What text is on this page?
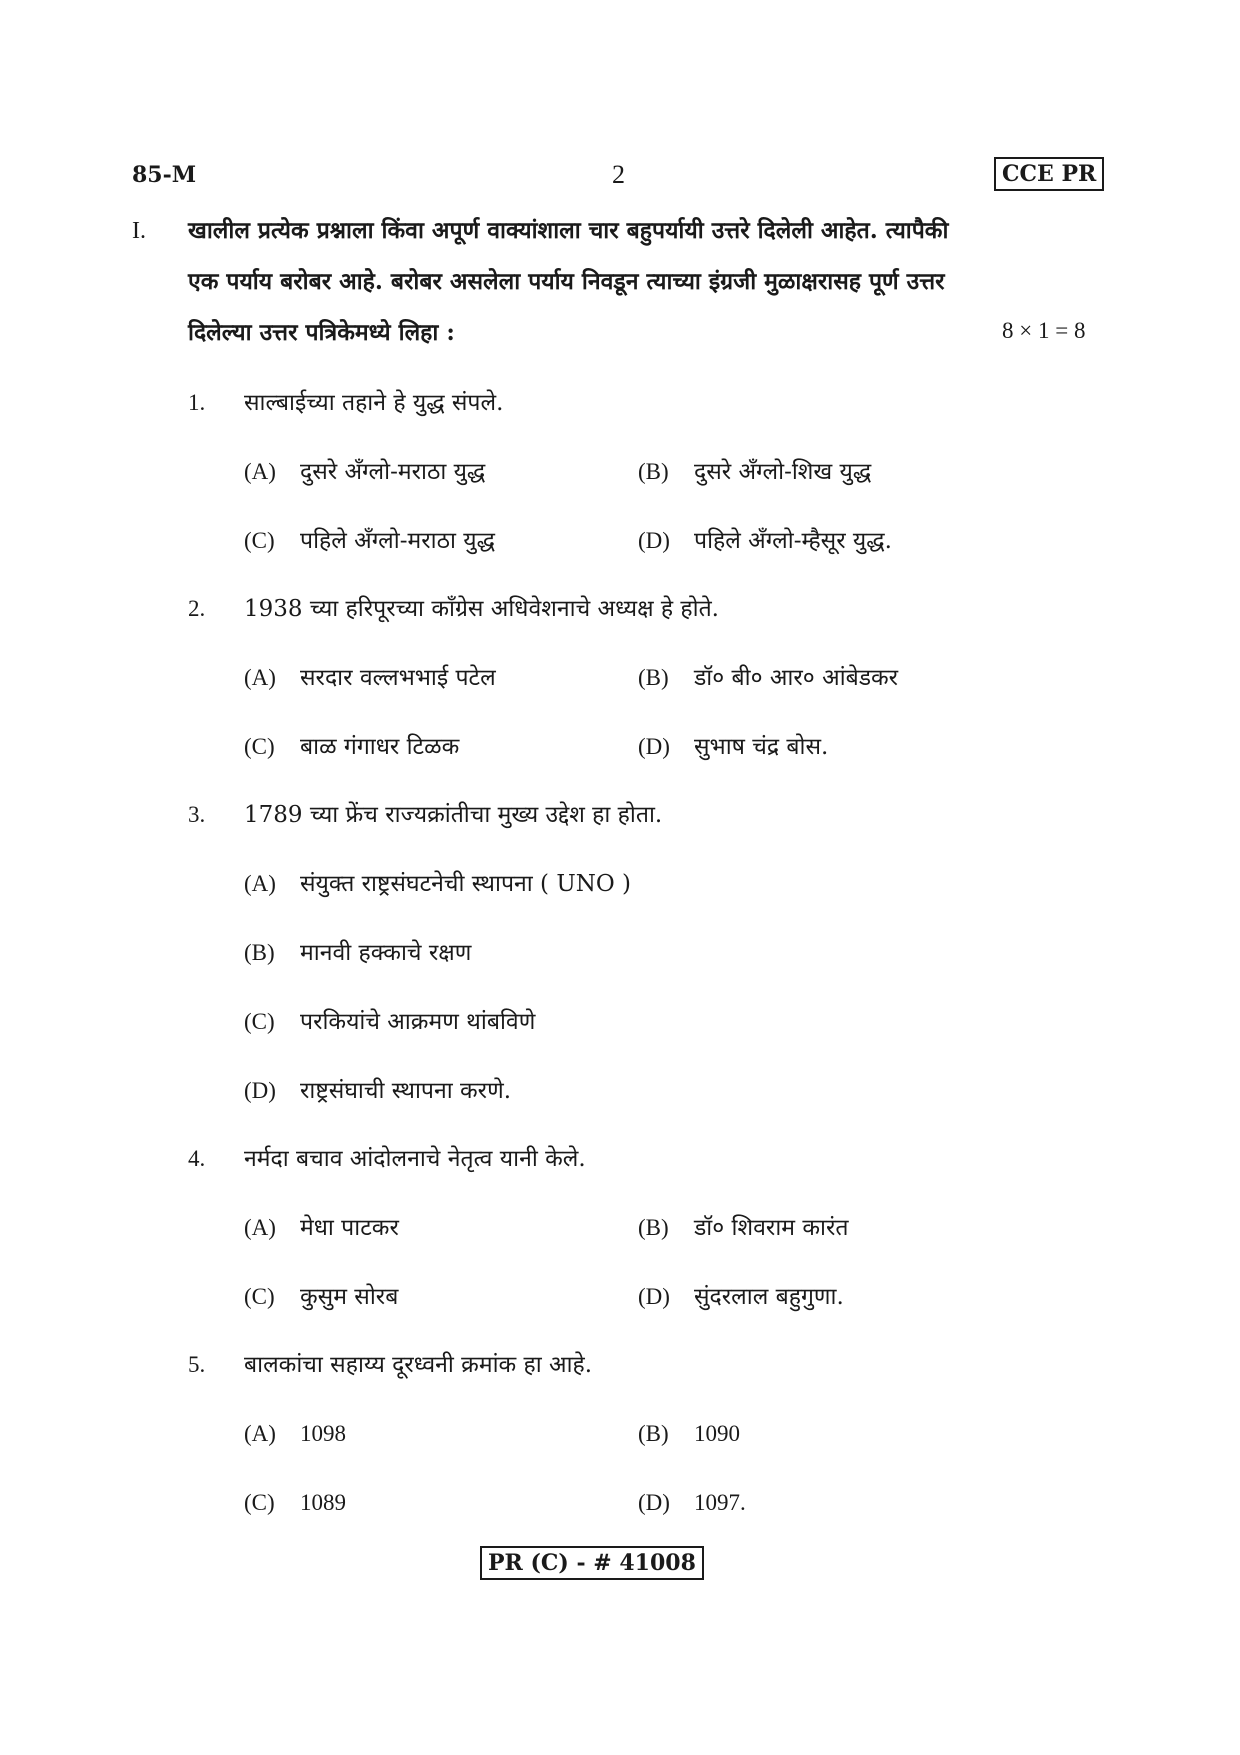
85-M	2	CCE PR
I. खालील प्रत्येक प्रश्नाला किंवा अपूर्ण वाक्यांशाला चार बहुपर्यायी उत्तरे दिलेली आहेत. त्यापैकी
एक पर्याय बरोबर आहे. बरोबर असलेला पर्याय निवडून त्याच्या इंग्रजी मुळाक्षरासह पूर्ण उत्तर
दिलेल्या उत्तर पत्रिकेमध्ये लिहा :	8 × 1 = 8
1. साल्बाईच्या तहाने हे युद्ध संपले.
(A) दुसरे अँग्लो-मराठा युद्ध	(B) दुसरे अँग्लो-शिख युद्ध
(C) पहिले अँग्लो-मराठा युद्ध	(D) पहिले अँग्लो-म्हैसूर युद्ध.
2. 1938 च्या हरिपूरच्या काँग्रेस अधिवेशनाचे अध्यक्ष हे होते.
(A) सरदार वल्लभभाई पटेल	(B) डॉ० बी० आर० आंबेडकर
(C) बाळ गंगाधर टिळक	(D) सुभाष चंद्र बोस.
3. 1789 च्या फ्रेंच राज्यक्रांतीचा मुख्य उद्देश हा होता.
(A) संयुक्त राष्ट्रसंघटनेची स्थापना ( UNO )
(B) मानवी हक्काचे रक्षण
(C) परकियांचे आक्रमण थांबविणे
(D) राष्ट्रसंघाची स्थापना करणे.
4. नर्मदा बचाव आंदोलनाचे नेतृत्व यानी केले.
(A) मेधा पाटकर	(B) डॉ० शिवराम कारंत
(C) कुसुम सोरब	(D) सुंदरलाल बहुगुणा.
5. बालकांचा सहाय्य दूरध्वनी क्रमांक हा आहे.
(A) 1098	(B) 1090
(C) 1089	(D) 1097.
PR (C) - # 41008
